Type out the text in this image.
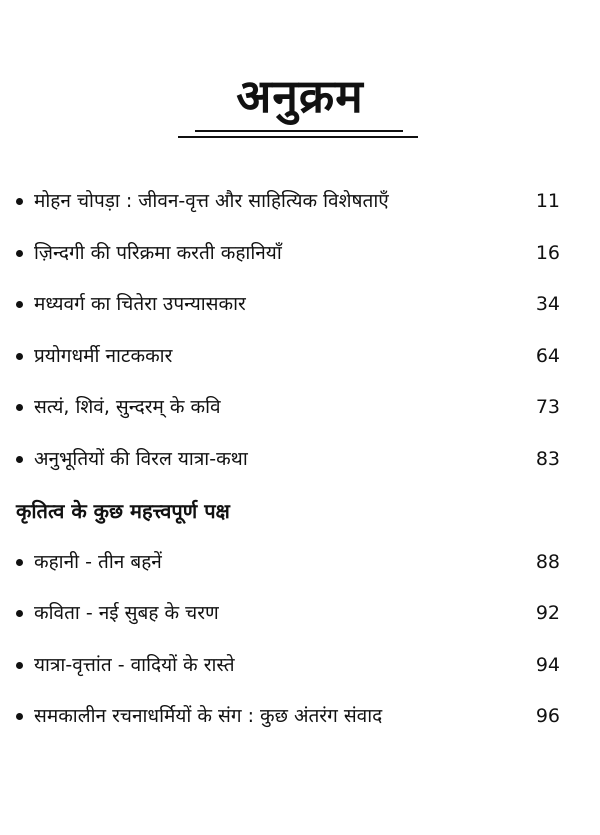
अनुक्रम
मोहन चोपड़ा : जीवन-वृत्त और साहित्यिक विशेषताएँ	11
ज़िन्दगी की परिक्रमा करती कहानियाँ	16
मध्यवर्ग का चितेरा उपन्यासकार	34
प्रयोगधर्मी नाटककार	64
सत्यं, शिवं, सुन्दरम् के कवि	73
अनुभूतियों की विरल यात्रा-कथा	83
कृतित्व के कुछ महत्त्वपूर्ण पक्ष
कहानी - तीन बहनें	88
कविता - नई सुबह के चरण	92
यात्रा-वृत्तांत - वादियों के रास्ते	94
समकालीन रचनाधर्मियों के संग : कुछ अंतरंग संवाद	96
